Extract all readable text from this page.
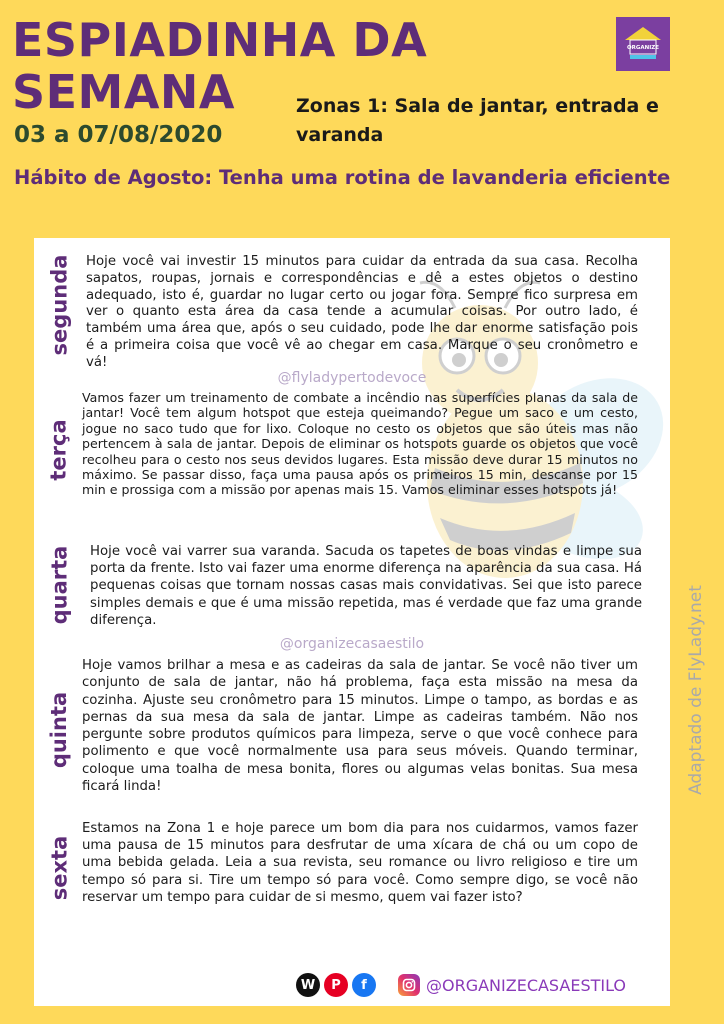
ESPIADINHA DA
SEMANA
03 a 07/08/2020
Zonas 1: Sala de jantar, entrada e varanda
Hábito de Agosto: Tenha uma rotina de lavanderia eficiente
ORGANIZE
segunda Hoje você vai investir 15 minutos para cuidar da entrada da sua casa. Recolha sapatos, roupas, jornais e correspondências e dê a estes objetos o destino adequado, isto é, guardar no lugar certo ou jogar fora. Sempre fico surpresa em ver o quanto esta área da casa tende a acumular coisas. Por outro lado, é também uma área que, após o seu cuidado, pode lhe dar enorme satisfação pois é a primeira coisa que você vê ao chegar em casa. Marque o seu cronômetro e vá!
@flyladypertodevoce
terça
Vamos fazer um treinamento de combate a incêndio nas superfícies planas da sala de jantar! Você tem algum hotspot que esteja queimando? Pegue um saco e um cesto, jogue no saco tudo que for lixo. Coloque no cesto os objetos que são úteis mas não pertencem à sala de jantar. Depois de eliminar os hotspots guarde os objetos que você recolheu para o cesto nos seus devidos lugares. Esta missão deve durar 15 minutos no máximo. Se passar disso, faça uma pausa após os primeiros 15 min, descanse por 15 min e prossiga com a missão por apenas mais 15. Vamos eliminar esses hotspots já!
quarta Hoje você vai varrer sua varanda. Sacuda os tapetes de boas vindas e limpe sua porta da frente. Isto vai fazer uma enorme diferença na aparência da sua casa. Há pequenas coisas que tornam nossas casas mais convidativas. Sei que isto parece simples demais e que é uma missão repetida, mas é verdade que faz uma grande diferença.
@organizecasaestilo
quinta
Hoje vamos brilhar a mesa e as cadeiras da sala de jantar. Se você não tiver um conjunto de sala de jantar, não há problema, faça esta missão na mesa da cozinha. Ajuste seu cronômetro para 15 minutos. Limpe o tampo, as bordas e as pernas da sua mesa da sala de jantar. Limpe as cadeiras também. Não nos pergunte sobre produtos químicos para limpeza, serve o que você conhece para polimento e que você normalmente usa para seus móveis. Quando terminar, coloque uma toalha de mesa bonita, flores ou algumas velas bonitas. Sua mesa ficará linda!
sexta
Estamos na Zona 1 e hoje parece um bom dia para nos cuidarmos, vamos fazer uma pausa de 15 minutos para desfrutar de uma xícara de chá ou um copo de uma bebida gelada. Leia a sua revista, seu romance ou livro religioso e tire um tempo só para si. Tire um tempo só para você. Como sempre digo, se você não reservar um tempo para cuidar de si mesmo, quem vai fazer isto?
Adaptado de FlyLady.net
W	P	f	@ORGANIZECASAESTILO
